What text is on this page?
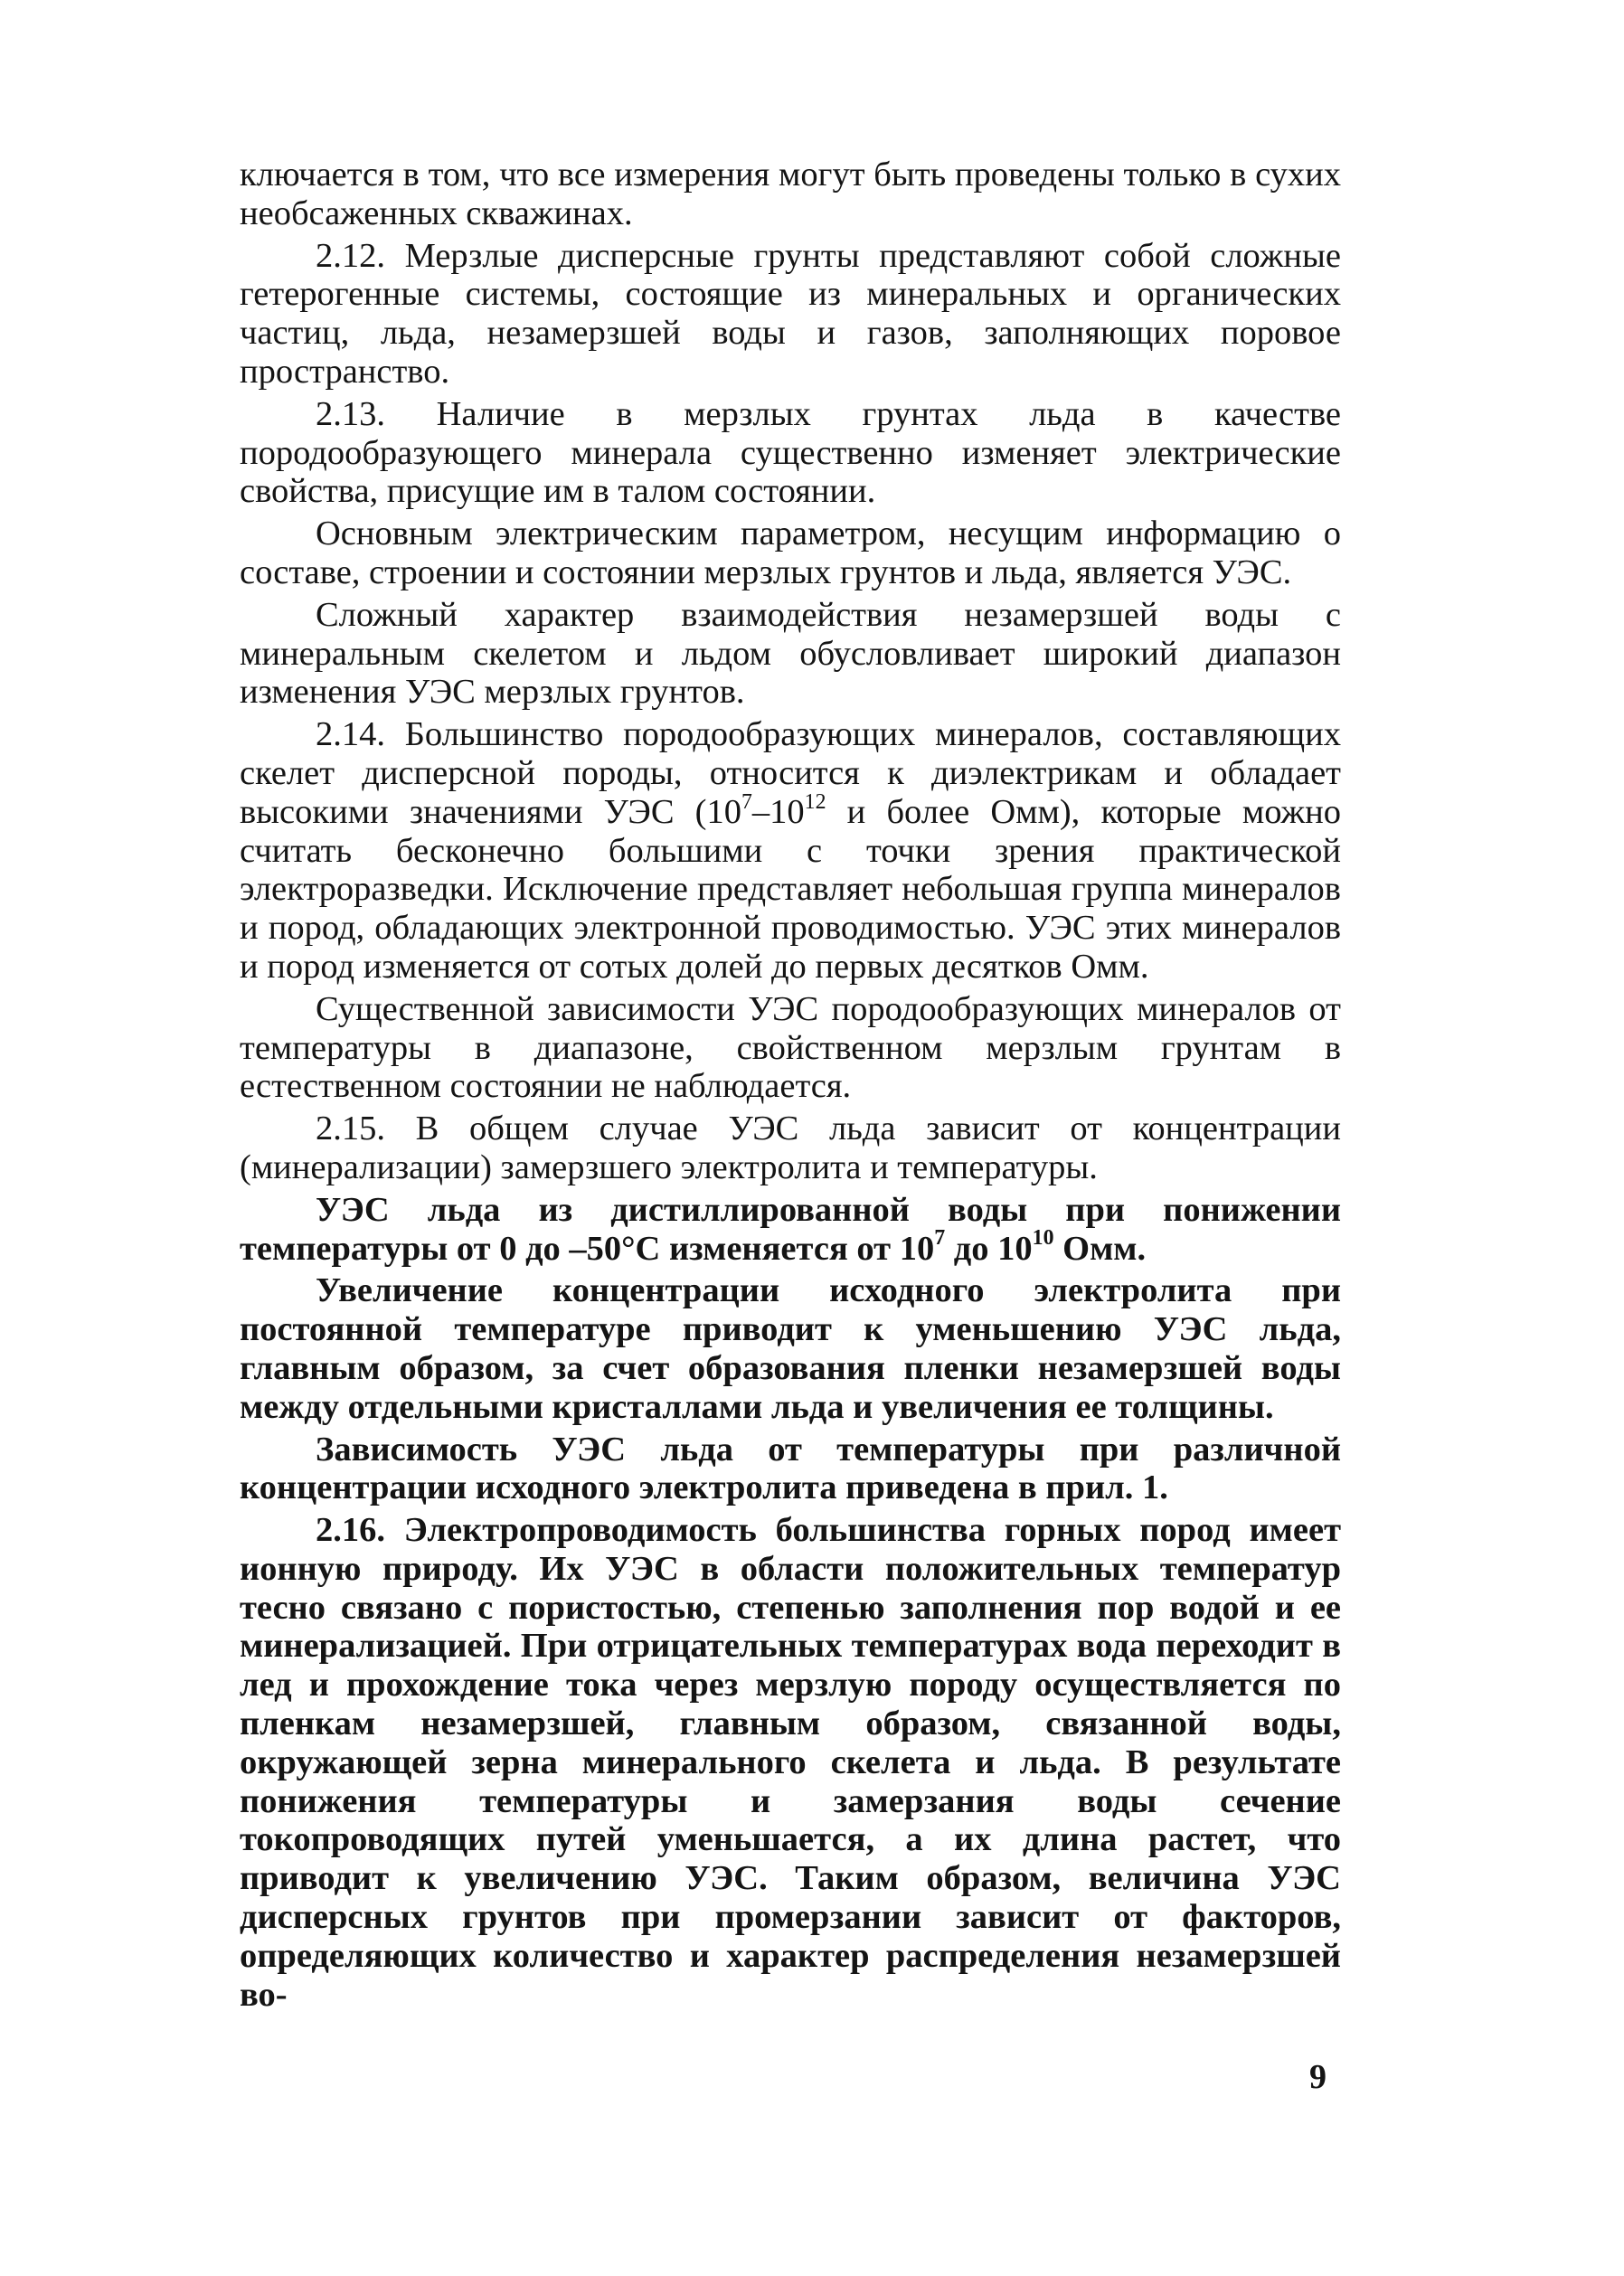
ключается в том, что все измерения могут быть проведены только в сухих необсаженных скважинах.

2.12. Мерзлые дисперсные грунты представляют собой сложные гетерогенные системы, состоящие из минеральных и органических частиц, льда, незамерзшей воды и газов, заполняющих поровое пространство.

2.13. Наличие в мерзлых грунтах льда в качестве породообразующего минерала существенно изменяет электрические свойства, присущие им в талом состоянии.

Основным электрическим параметром, несущим информацию о составе, строении и состоянии мерзлых грунтов и льда, является УЭС.

Сложный характер взаимодействия незамерзшей воды с минеральным скелетом и льдом обусловливает широкий диапазон изменения УЭС мерзлых грунтов.

2.14. Большинство породообразующих минералов, составляющих скелет дисперсной породы, относится к диэлектрикам и обладает высокими значениями УЭС ($10^7-10^{12}$ и более Омм), которые можно считать бесконечно большими с точки зрения практической электроразведки. Исключение представляет небольшая группа минералов и пород, обладающих электронной проводимостью. УЭС этих минералов и пород изменяется от сотых долей до первых десятков Омм.

Существенной зависимости УЭС породообразующих минералов от температуры в диапазоне, свойственном мерзлым грунтам в естественном состоянии не наблюдается.

2.15. В общем случае УЭС льда зависит от концентрации (минерализации) замерзшего электролита и температуры.

УЭС льда из дистиллированной воды при понижении температуры от 0 до –50°C изменяется от $10^7$ до $10^{10}$ Омм.

Увеличение концентрации исходного электролита при постоянной температуре приводит к уменьшению УЭС льда, главным образом, за счет образования пленки незамерзшей воды между отдельными кристаллами льда и увеличения ее толщины.

Зависимость УЭС льда от температуры при различной концентрации исходного электролита приведена в прил. 1.

2.16. Электропроводимость большинства горных пород имеет ионную природу. Их УЭС в области положительных температур тесно связано с пористостью, степенью заполнения пор водой и ее минерализацией. При отрицательных температурах вода переходит в лед и прохождение тока через мерзлую породу осуществляется по пленкам незамерзшей, главным образом, связанной воды, окружающей зерна минерального скелета и льда. В результате понижения температуры и замерзания воды сечение токопроводящих путей уменьшается, а их длина растет, что приводит к увеличению УЭС. Таким образом, величина УЭС дисперсных грунтов при промерзании зависит от факторов, определяющих количество и характер распределения незамерзшей во-

9
